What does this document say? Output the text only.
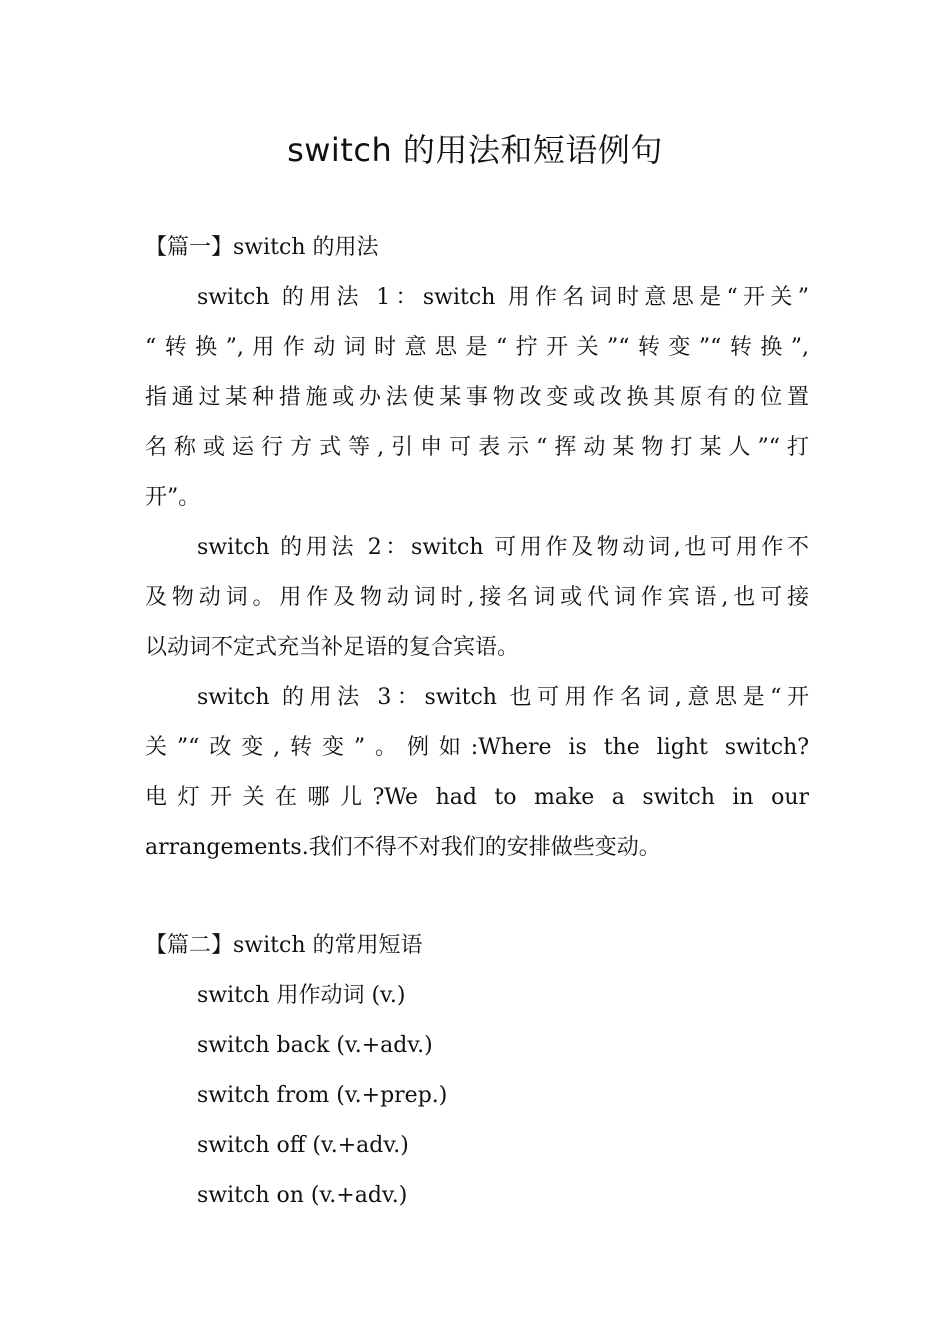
switch 的用法和短语例句
【篇一】switch 的用法
switch 的用法 1：switch 用作名词时意思是“开关”
“转换”,用作动词时意思是“拧开关”“转变”“转换”,
指通过某种措施或办法使某事物改变或改换其原有的位置
名称或运行方式等,引申可表示“挥动某物打某人”“打
开”。
switch 的用法 2：switch 可用作及物动词,也可用作不
及物动词。用作及物动词时,接名词或代词作宾语,也可接
以动词不定式充当补足语的复合宾语。
switch 的用法 3：switch 也可用作名词,意思是“开
关”“改变,转变”。例如:Where is the light switch?
电灯开关在哪儿?We had to make a switch in our
arrangements.我们不得不对我们的安排做些变动。
【篇二】switch 的常用短语
switch 用作动词 (v.)
switch back (v.+adv.)
switch from (v.+prep.)
switch off (v.+adv.)
switch on (v.+adv.)
